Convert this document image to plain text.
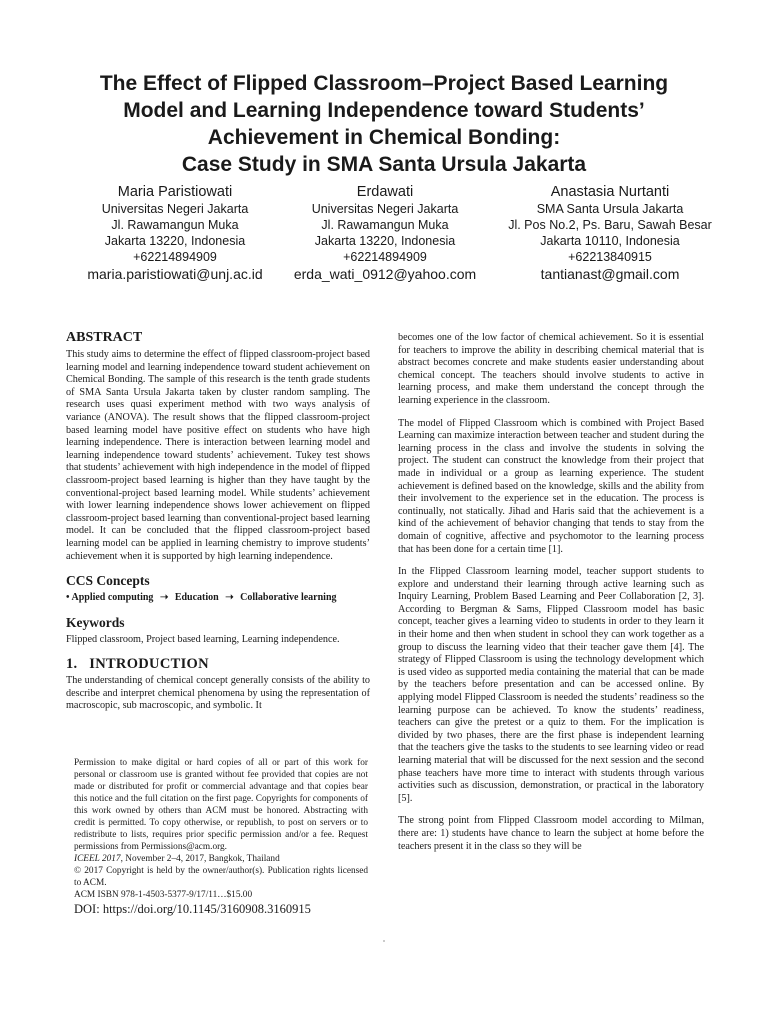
The Effect of Flipped Classroom–Project Based Learning
Model and Learning Independence toward Students’
Achievement in Chemical Bonding:
Case Study in SMA Santa Ursula Jakarta
Maria Paristiowati
Universitas Negeri Jakarta
Jl. Rawamangun Muka
Jakarta 13220, Indonesia
+62214894909
maria.paristiowati@unj.ac.id
Erdawati
Universitas Negeri Jakarta
Jl. Rawamangun Muka
Jakarta 13220, Indonesia
+62214894909
erda_wati_0912@yahoo.com
Anastasia Nurtanti
SMA Santa Ursula Jakarta
Jl. Pos No.2, Ps. Baru, Sawah Besar
Jakarta 10110, Indonesia
+62213840915
tantianast@gmail.com
ABSTRACT

This study aims to determine the effect of flipped classroom-project based learning model and learning independence toward student achievement on Chemical Bonding. The sample of this research is the tenth grade students of SMA Santa Ursula Jakarta taken by cluster random sampling. The research uses quasi experiment method with two ways analysis of variance (ANOVA). The result shows that the flipped classroom-project based learning model have positive effect on students who have high learning independence. There is interaction between learning model and learning independence toward students’ achievement. Tukey test shows that students’ achievement with high independence in the model of flipped classroom-project based learning is higher than they have taught by the conventional-project based learning model. While students’ achievement with lower learning independence shows lower achievement on flipped classroom-project based learning than conventional-project based learning model. It can be concluded that the flipped classroom-project based learning model can be applied in learning chemistry to improve students’ achievement when it is supported by high learning independence.

CCS Concepts
• Applied computing ➝ Education ➝ Collaborative learning
Keywords

Flipped classroom, Project based learning, Learning independence.

1.   INTRODUCTION

The understanding of chemical concept generally consists of the ability to describe and interpret chemical phenomena by using the representation of macroscopic, sub macroscopic, and symbolic. It

Permission to make digital or hard copies of all or part of this work for personal or classroom use is granted without fee provided that copies are not made or distributed for profit or commercial advantage and that copies bear this notice and the full citation on the first page. Copyrights for components of this work owned by others than ACM must be honored. Abstracting with credit is permitted. To copy otherwise, or republish, to post on servers or to redistribute to lists, requires prior specific permission and/or a fee. Request permissions from Permissions@acm.org.

ICEEL 2017, November 2–4, 2017, Bangkok, Thailand

© 2017 Copyright is held by the owner/author(s). Publication rights licensed to ACM.

ACM ISBN 978-1-4503-5377-9/17/11…$15.00

DOI: https://doi.org/10.1145/3160908.3160915

becomes one of the low factor of chemical achievement. So it is essential for teachers to improve the ability in describing chemical material that is abstract becomes concrete and make students easier understanding about chemical concept. The teachers should involve students to active in learning process, and make them understand the concept through the learning experience in the classroom.

The model of Flipped Classroom which is combined with Project Based Learning can maximize interaction between teacher and student during the learning process in the class and involve the students in solving the project. The student can construct the knowledge from their project that made in individual or a group as learning experience. The student achievement is defined based on the knowledge, skills and the ability from their involvement to the experience set in the education. The process is continually, not statically. Jihad and Haris said that the achievement is a kind of the achievement of behavior changing that tends to stay from the domain of cognitive, affective and psychomotor to the learning process that has been done for a certain time [1].

In the Flipped Classroom learning model, teacher support students to explore and understand their learning through active learning such as Inquiry Learning, Problem Based Learning and Peer Collaboration [2, 3]. According to Bergman & Sams, Flipped Classroom model has basic concept, teacher gives a learning video to students in order to they learn it in their home and then when student in school they can work together as a group to discuss the learning video that their teacher gave them [4]. The strategy of Flipped Classroom is using the technology development which is used video as supported media containing the material that can be made by the teachers before presentation and can be accessed online. By applying model Flipped Classroom is needed the students’ readiness so the learning purpose can be achieved. To know the students’ readiness, teachers can give the pretest or a quiz to them. For the implication is divided by two phases, there are the first phase is independent learning that the teachers give the tasks to the students to see learning video or read learning material that will be discussed for the next session and the second phase teachers have more time to interact with students through various activities such as discussion, demonstration, or practical in the laboratory [5].

The strong point from Flipped Classroom model according to Milman, there are: 1) students have chance to learn the subject at home before the teachers present it in the class so they will be
